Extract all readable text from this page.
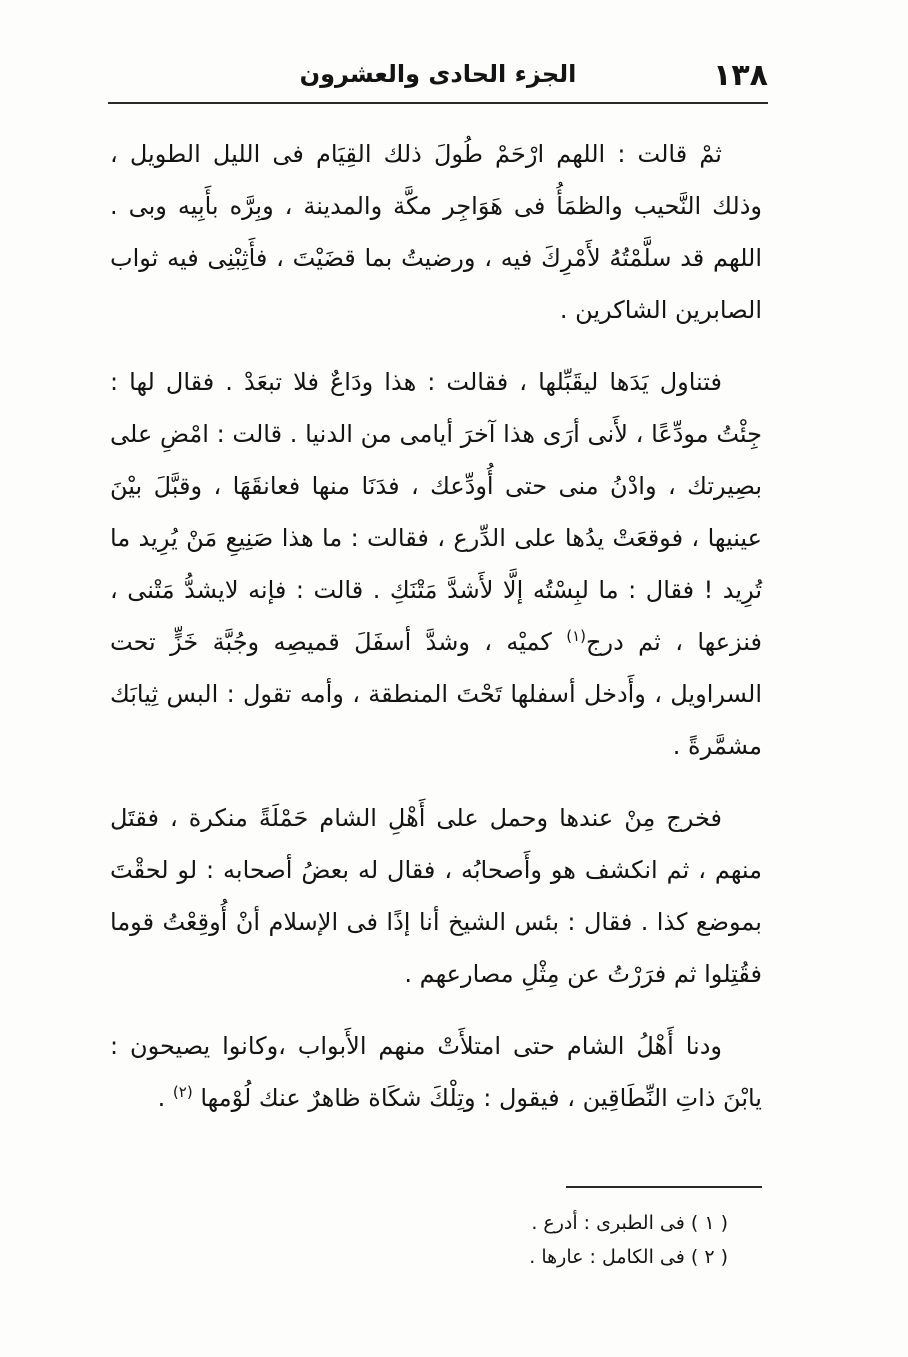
١٣٨
الجزء الحادى والعشرون

ثمْ قالت : اللهم ارْحَمْ طُولَ ذلك القِيَام فى الليل الطويل ، وذلك النَّحيب والظمَأُ فى هَوَاجِر مكَّة والمدينة ، وبِرَّه بأَبِيه وبى . اللهم قد سلَّمْتُهُ لأَمْرِكَ فيه ، ورضيتُ بما قضَيْتَ ، فأَثِبْنِى فيه ثواب الصابرين الشاكرين .

فتناول يَدَها ليقَبِّلها ، فقالت : هذا ودَاعٌ فلا تبعَدْ . فقال لها : جِئْتُ مودِّعًا ، لأَنى أرَى هذا آخرَ أيامى من الدنيا . قالت : امْضِ على بصِيرتك ، وادْنُ منى حتى أُودِّعك ، فدَنَا منها فعانقَهَا ، وقبَّلَ بيْنَ عينيها ، فوقعَتْ يدُها على الدِّرع ، فقالت : ما هذا صَنِيعِ مَنْ يُرِيد ما تُرِيد ! فقال : ما لبِسْتُه إلَّا لأَشدَّ مَتْنَكِ . قالت : فإنه لايشدُّ مَتْنى ، فنزعها ، ثم درج$^{(١)}$ كميْه ، وشدَّ أسفَلَ قميصِه وجُبَّة خَزٍّ تحت السراويل ، وأَدخل أسفلها تَحْتَ المنطقة ، وأمه تقول : البس ثِيابَك مشمَّرةً .

فخرج مِنْ عندها وحمل على أَهْلِ الشام حَمْلَةً منكرة ، فقتَل منهم ، ثم انكشف هو وأَصحابُه ، فقال له بعضُ أصحابه : لو لحقْتَ بموضع كذا . فقال : بئس الشيخ أنا إذًا فى الإسلام أنْ أُوقِعْتُ قوما فقُتِلوا ثم فرَرْتُ عن مِثْلِ مصارعهم .

ودنا أَهْلُ الشام حتى امتلأَتْ منهم الأَبواب ،وكانوا يصيحون : يابْنَ ذاتِ النِّطَاقِين ، فيقول : وتِلْكَ شكَاة ظاهرٌ عنك لُوْمها $^{(٢)}$ .

( ١ ) فى الطبرى : أدرع .

( ٢ ) فى الكامل : عارها .
